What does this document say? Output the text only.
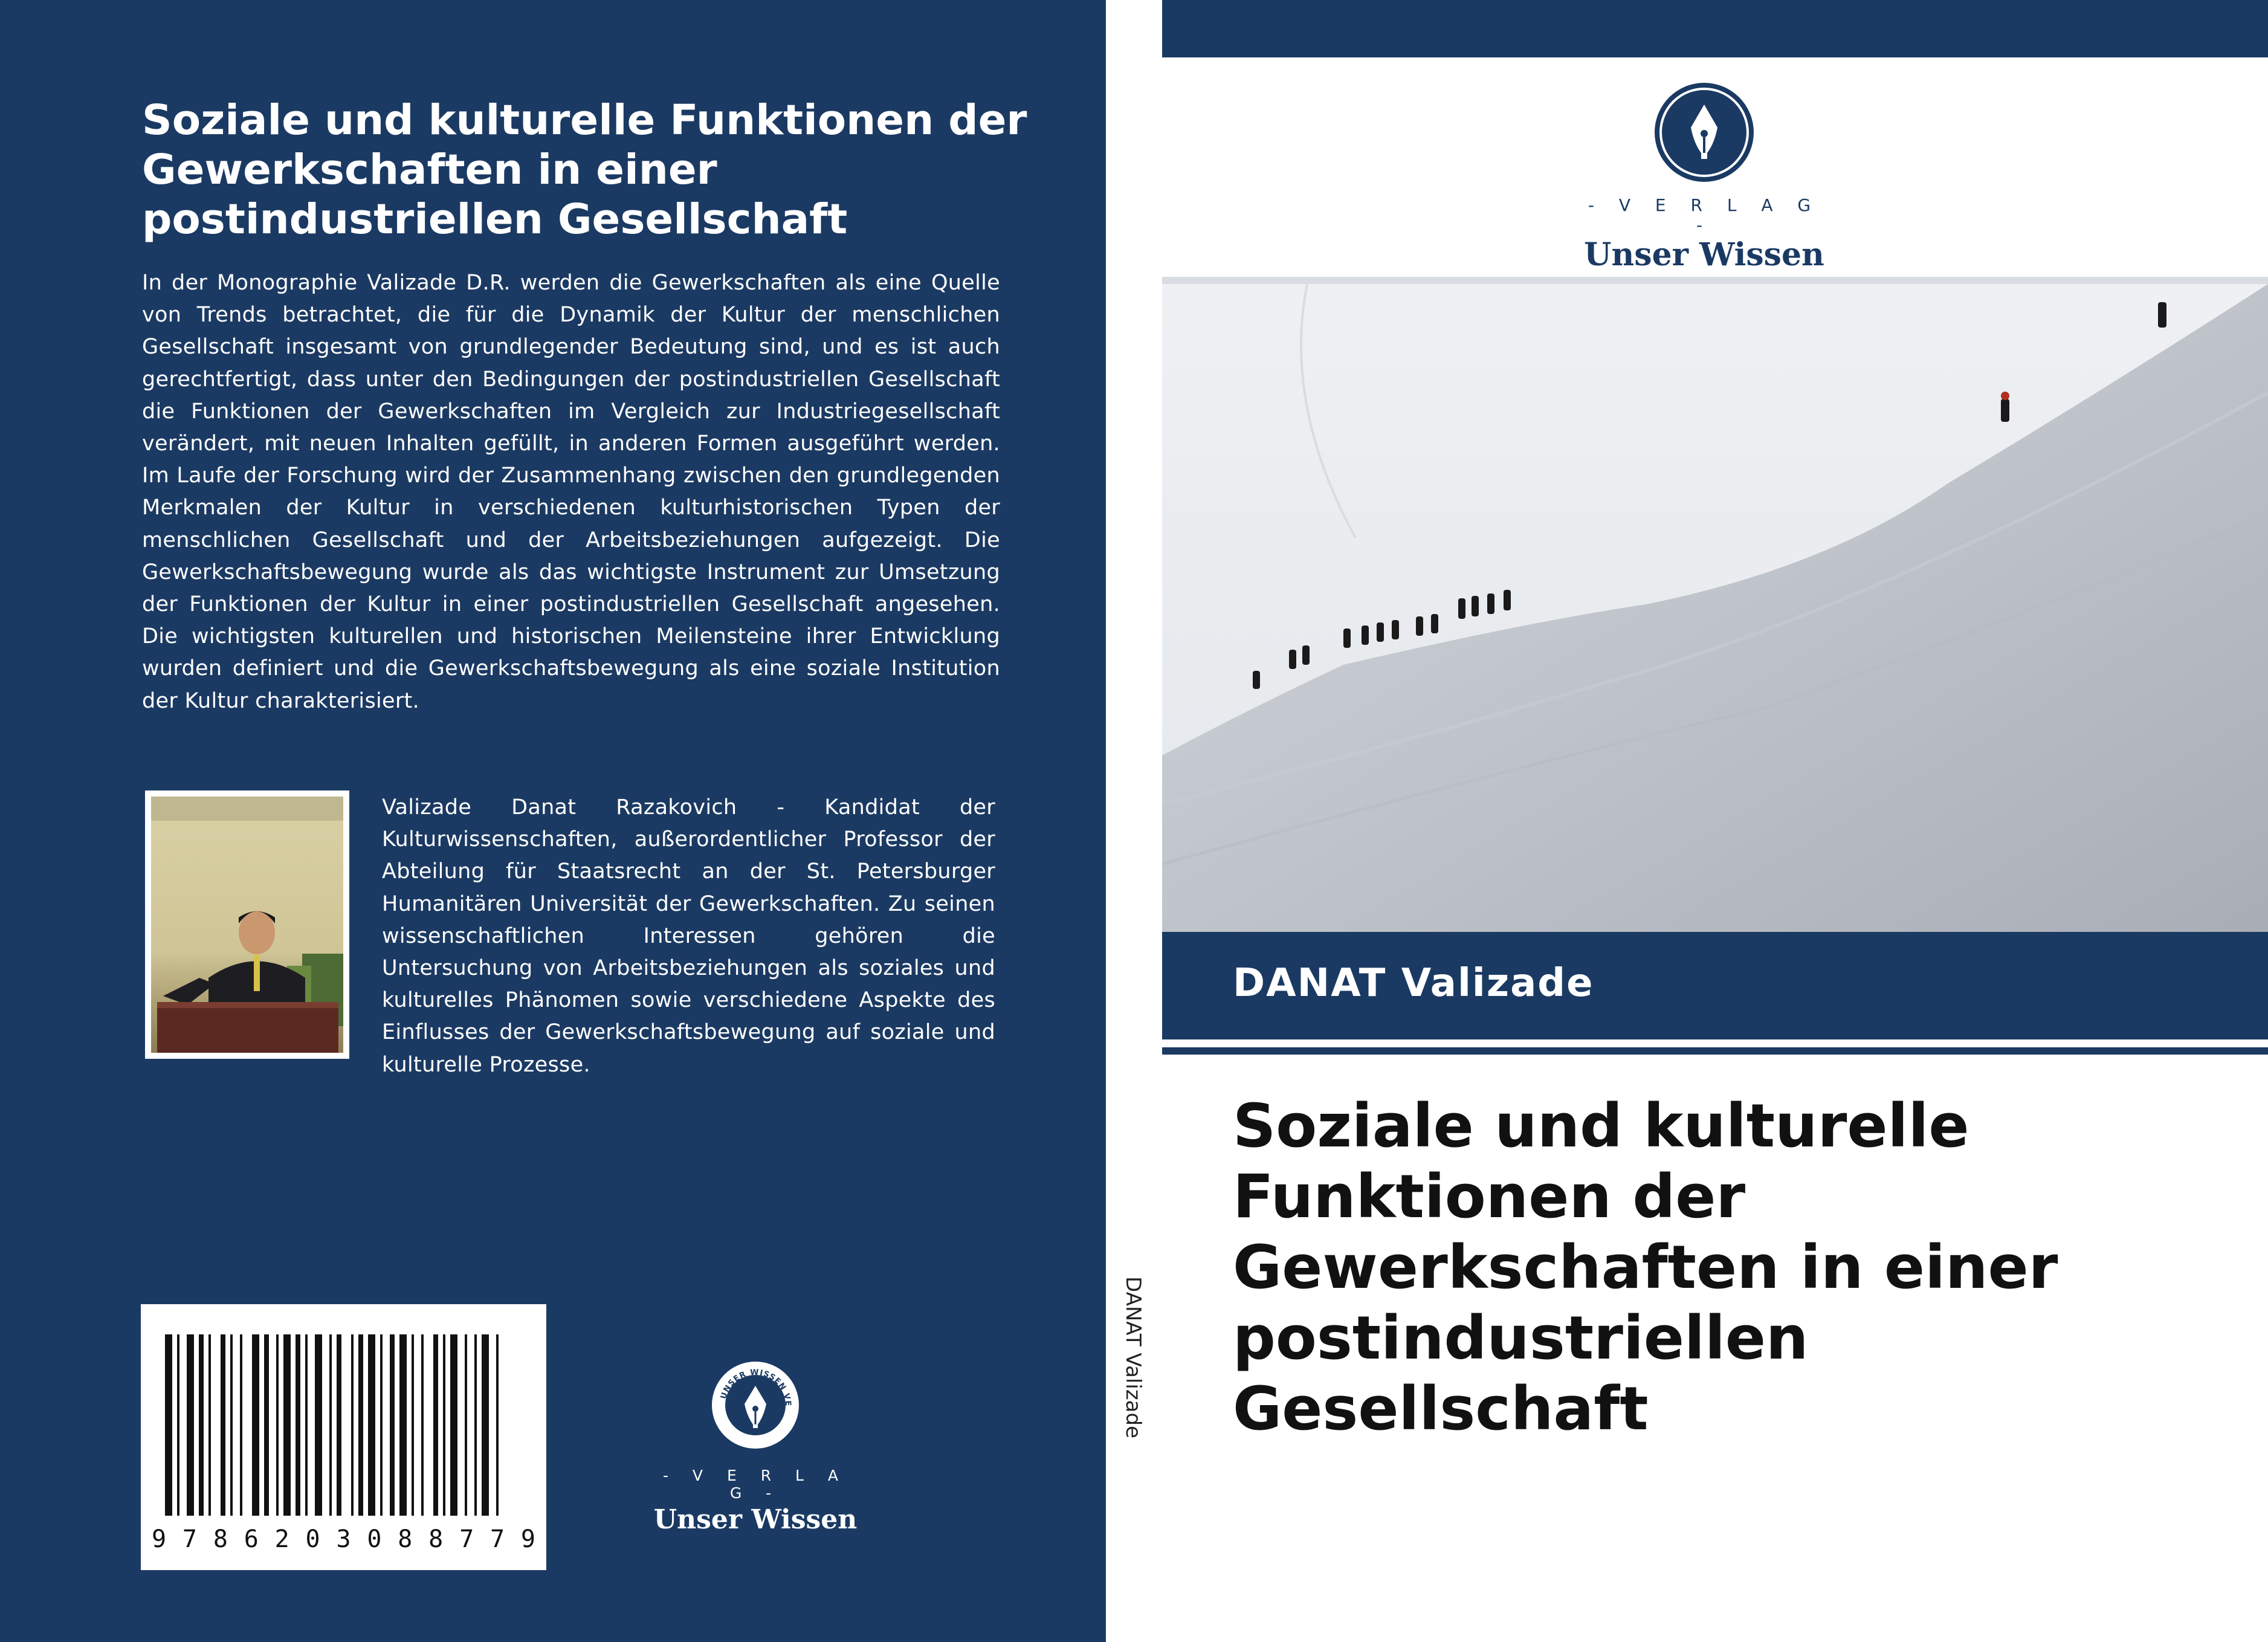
Soziale und kulturelle Funktionen der Gewerkschaften in einer postindustriellen Gesellschaft

In der Monographie Valizade D.R. werden die Gewerkschaften als eine Quelle von Trends betrachtet, die für die Dynamik der Kultur der menschlichen Gesellschaft insgesamt von grundlegender Bedeutung sind, und es ist auch gerechtfertigt, dass unter den Bedingungen der postindustriellen Gesellschaft die Funktionen der Gewerkschaften im Vergleich zur Industriegesellschaft verändert, mit neuen Inhalten gefüllt, in anderen Formen ausgeführt werden. Im Laufe der Forschung wird der Zusammenhang zwischen den grundlegenden Merkmalen der Kultur in verschiedenen kulturhistorischen Typen der menschlichen Gesellschaft und der Arbeitsbeziehungen aufgezeigt. Die Gewerkschaftsbewegung wurde als das wichtigste Instrument zur Umsetzung der Funktionen der Kultur in einer postindustriellen Gesellschaft angesehen. Die wichtigsten kulturellen und historischen Meilensteine ihrer Entwicklung wurden definiert und die Gewerkschaftsbewegung als eine soziale Institution der Kultur charakterisiert.

Valizade Danat Razakovich - Kandidat der Kulturwissenschaften, außerordentlicher Professor der Abteilung für Staatsrecht an der St. Petersburger Humanitären Universität der Gewerkschaften. Zu seinen wissenschaftlichen Interessen gehören die Untersuchung von Arbeitsbeziehungen als soziales und kulturelles Phänomen sowie verschiedene Aspekte des Einflusses der Gewerkschaftsbewegung auf soziale und kulturelle Prozesse.

9 7 8 6 2 0 3 0 8 8 7 7 9
UNSER WISSEN VE
- V E R L A G -
Unser Wissen
DANAT Valizade
- V E R L A G -
Unser Wissen
DANAT Valizade
Soziale und kulturelle Funktionen der Gewerkschaften in einer postindustriellen Gesellschaft
